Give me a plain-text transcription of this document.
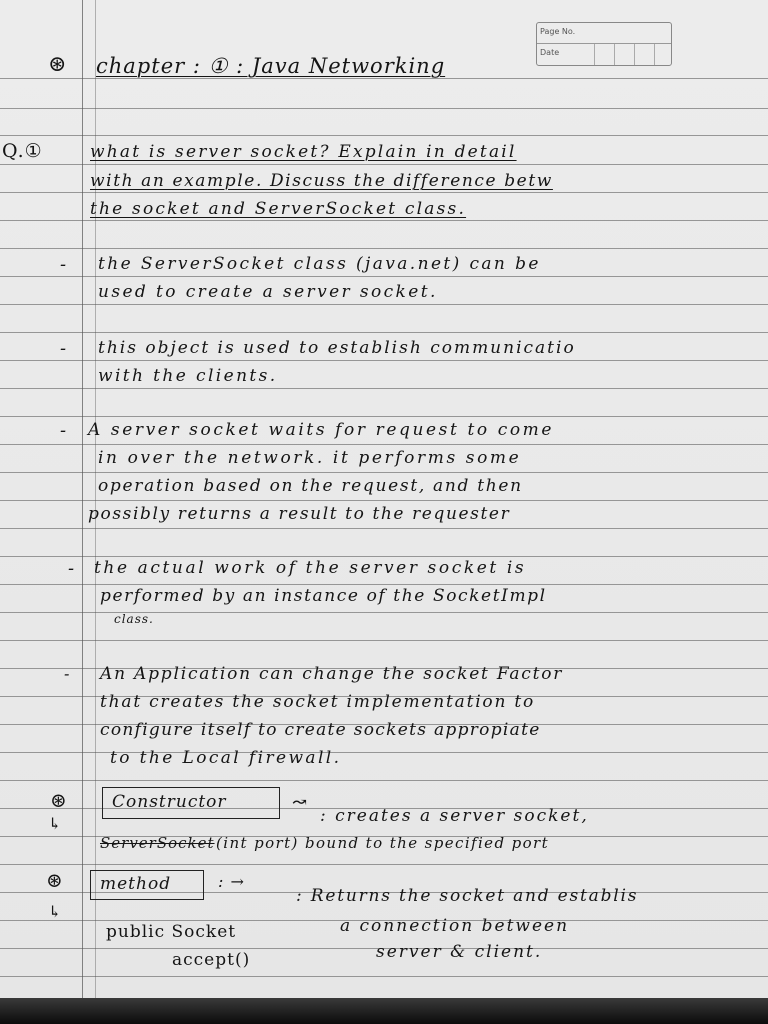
Page No.
Date
⊛ chapter : ① : Java Networking
Q.①	what is server socket? Explain in detail
with an example. Discuss the difference betw
the socket and ServerSocket class.
- the ServerSocket class (java.net) can be
used to create a server socket.
- this object is used to establish communicatio
with the clients.
- A server socket waits for request to come
in over the network. it performs some
operation based on the request, and then
possibly returns a result to the requester
- the actual work of the server socket is
performed by an instance of the SocketImpl
class.
- An Application can change the socket Factor
that creates the socket implementation to
configure itself to create sockets appropiate
to the Local firewall.
⊛	Constructor	↝
: creates a server socket,
↳
ServerSocket (int port) bound to the specified port
⊛ method	: →
: Returns the socket and establis
a connection between
server & client.
↳
public Socket
accept()
